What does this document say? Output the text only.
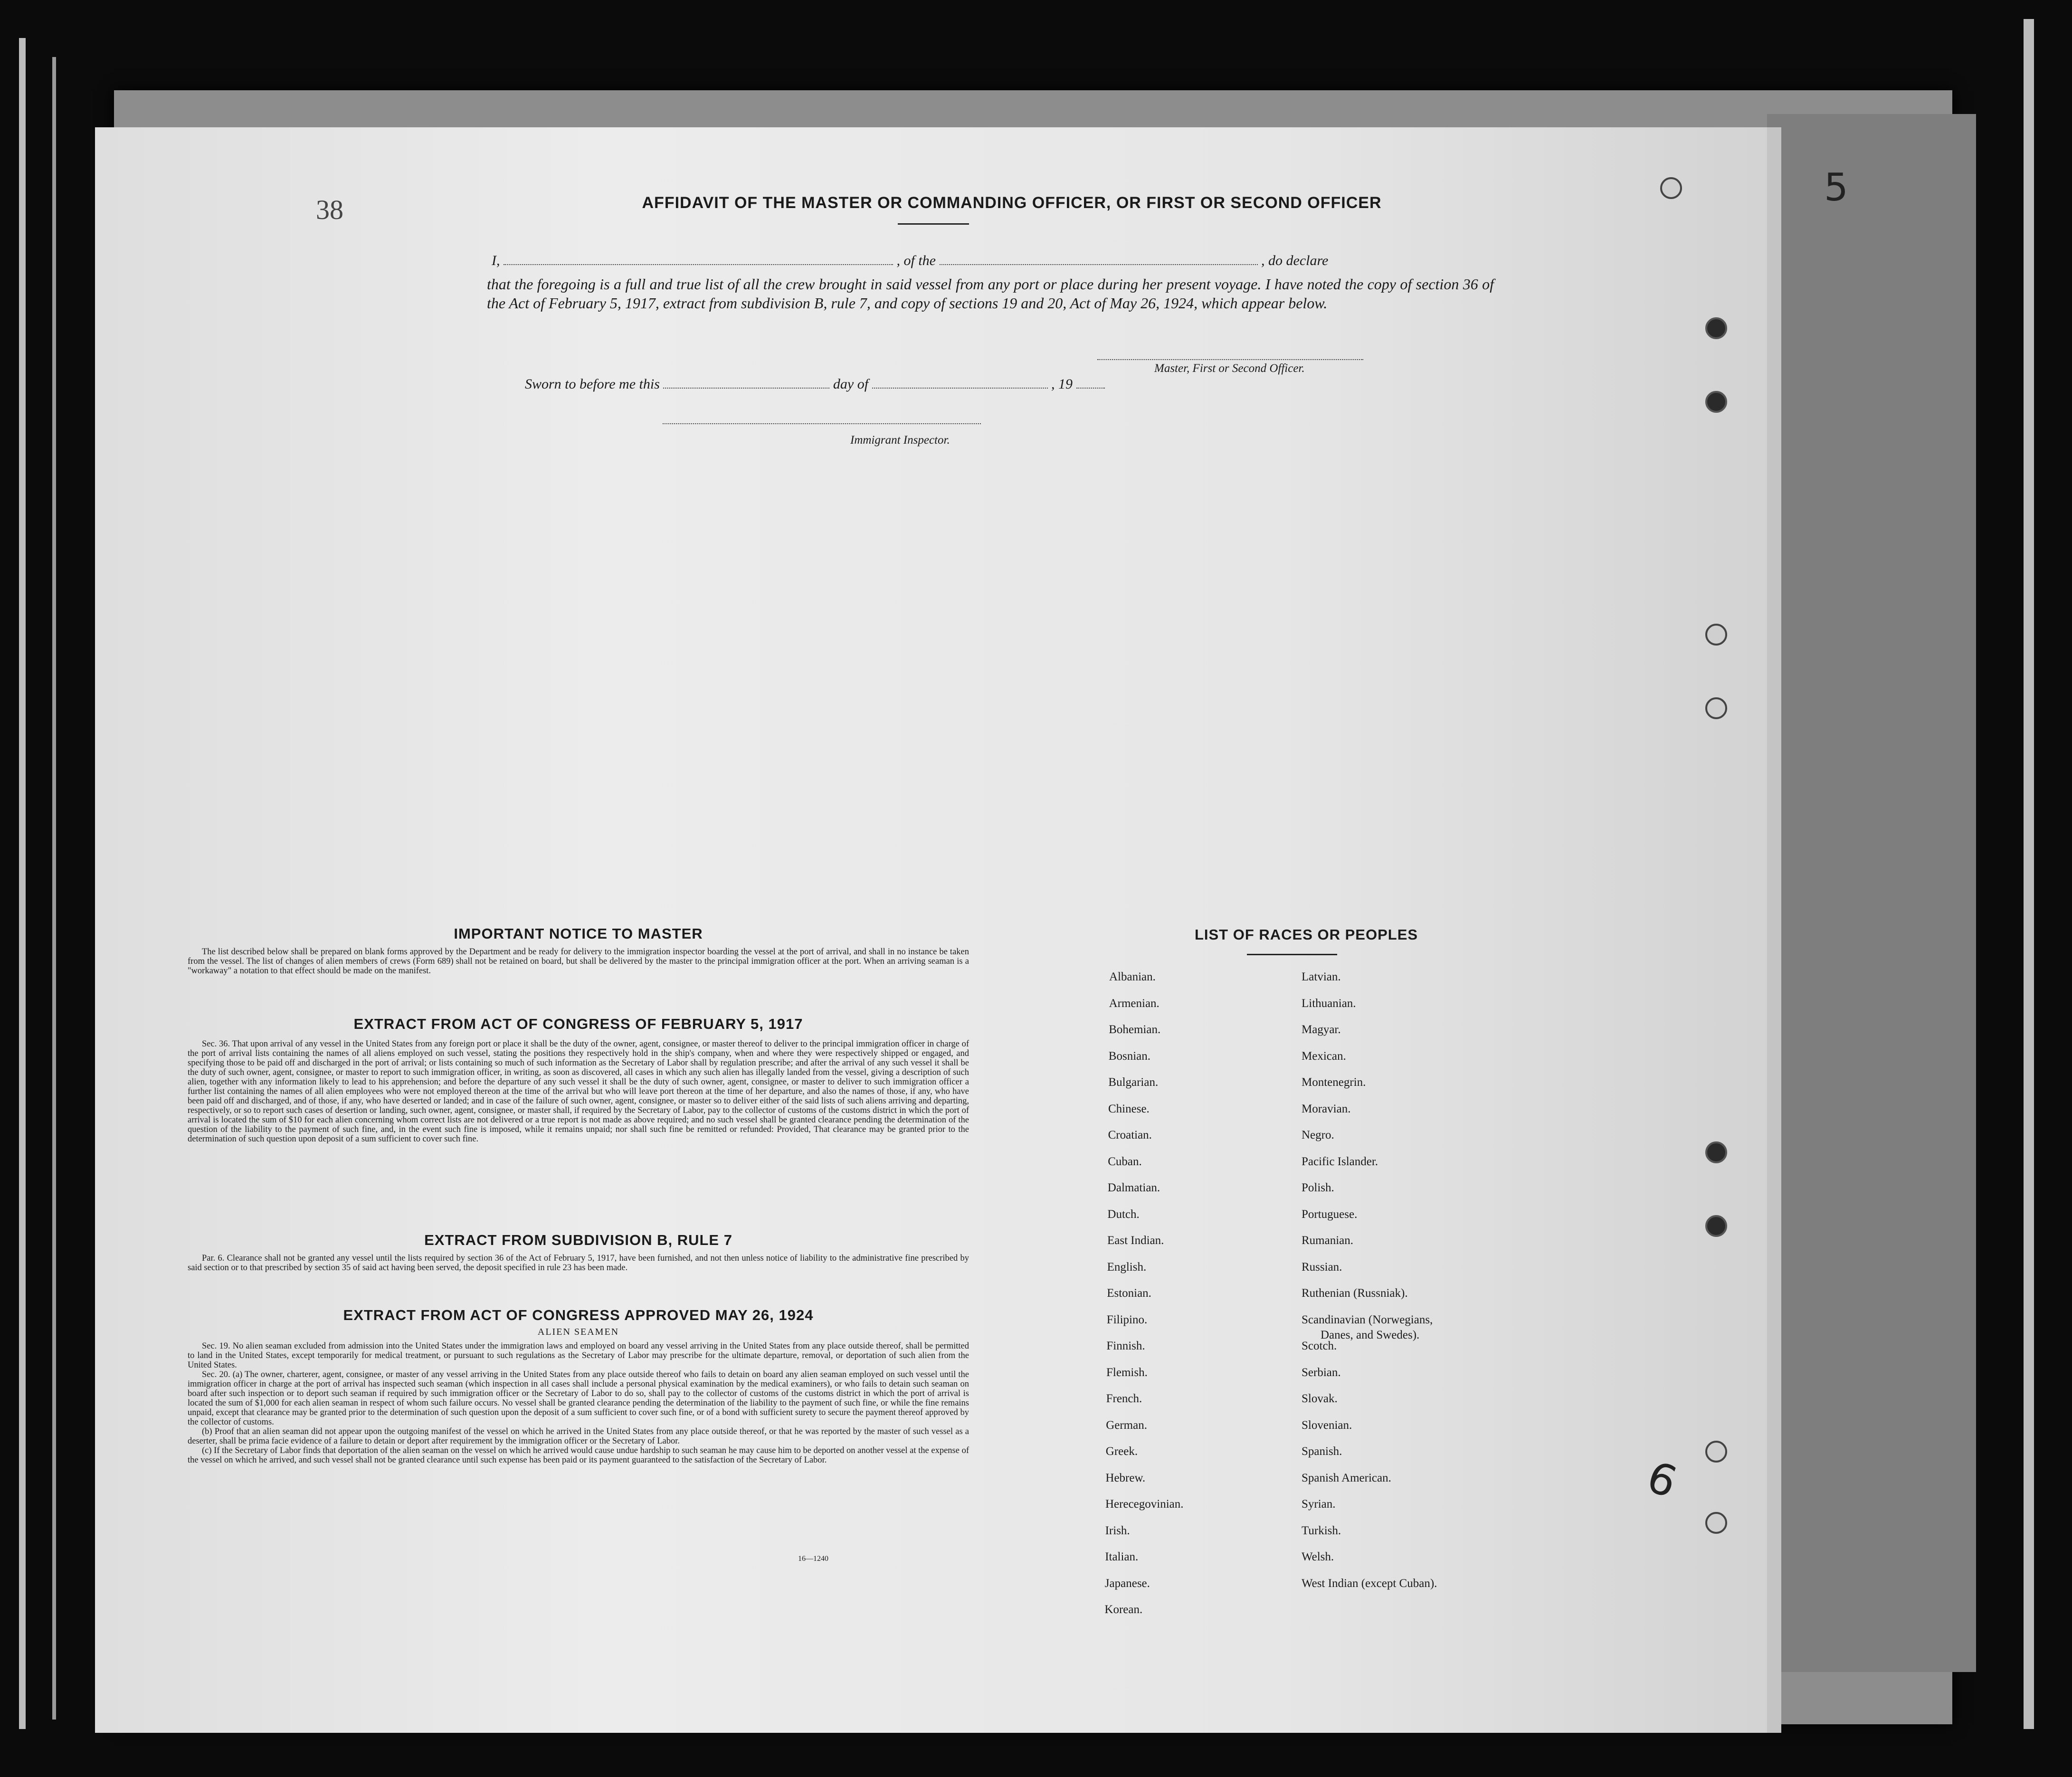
38
5
6
AFFIDAVIT OF THE MASTER OR COMMANDING OFFICER, OR FIRST OR SECOND OFFICER
I,	, of the	, do declare
that the foregoing is a full and true list of all the crew brought in said vessel from any port or place during her present voyage. I have noted the copy of section 36 of the Act of February 5, 1917, extract from subdivision B, rule 7, and copy of sections 19 and 20, Act of May 26, 1924, which appear below.
Master, First or Second Officer.
Sworn to before me this	day of	, 19
Immigrant Inspector.

IMPORTANT NOTICE TO MASTER

The list described below shall be prepared on blank forms approved by the Department and be ready for delivery to the immigration inspector boarding the vessel at the port of arrival, and shall in no instance be taken from the vessel. The list of changes of alien members of crews (Form 689) shall not be retained on board, but shall be delivered by the master to the principal immigration officer at the port. When an arriving seaman is a "workaway" a notation to that effect should be made on the manifest.

EXTRACT FROM ACT OF CONGRESS OF FEBRUARY 5, 1917

Sec. 36. That upon arrival of any vessel in the United States from any foreign port or place it shall be the duty of the owner, agent, consignee, or master thereof to deliver to the principal immigration officer in charge of the port of arrival lists containing the names of all aliens employed on such vessel, stating the positions they respectively hold in the ship's company, when and where they were respectively shipped or engaged, and specifying those to be paid off and discharged in the port of arrival; or lists containing so much of such information as the Secretary of Labor shall by regulation prescribe; and after the arrival of any such vessel it shall be the duty of such owner, agent, consignee, or master to report to such immigration officer, in writing, as soon as discovered, all cases in which any such alien has illegally landed from the vessel, giving a description of such alien, together with any information likely to lead to his apprehension; and before the departure of any such vessel it shall be the duty of such owner, agent, consignee, or master to deliver to such immigration officer a further list containing the names of all alien employees who were not employed thereon at the time of the arrival but who will leave port thereon at the time of her departure, and also the names of those, if any, who have been paid off and discharged, and of those, if any, who have deserted or landed; and in case of the failure of such owner, agent, consignee, or master so to deliver either of the said lists of such aliens arriving and departing, respectively, or so to report such cases of desertion or landing, such owner, agent, consignee, or master shall, if required by the Secretary of Labor, pay to the collector of customs of the customs district in which the port of arrival is located the sum of $10 for each alien concerning whom correct lists are not delivered or a true report is not made as above required; and no such vessel shall be granted clearance pending the determination of the question of the liability to the payment of such fine, and, in the event such fine is imposed, while it remains unpaid; nor shall such fine be remitted or refunded: Provided, That clearance may be granted prior to the determination of such question upon deposit of a sum sufficient to cover such fine.

EXTRACT FROM SUBDIVISION B, RULE 7

Par. 6. Clearance shall not be granted any vessel until the lists required by section 36 of the Act of February 5, 1917, have been furnished, and not then unless notice of liability to the administrative fine prescribed by said section or to that prescribed by section 35 of said act having been served, the deposit specified in rule 23 has been made.

EXTRACT FROM ACT OF CONGRESS APPROVED MAY 26, 1924

ALIEN SEAMEN

Sec. 19. No alien seaman excluded from admission into the United States under the immigration laws and employed on board any vessel arriving in the United States from any place outside thereof, shall be permitted to land in the United States, except temporarily for medical treatment, or pursuant to such regulations as the Secretary of Labor may prescribe for the ultimate departure, removal, or deportation of such alien from the United States.

Sec. 20. (a) The owner, charterer, agent, consignee, or master of any vessel arriving in the United States from any place outside thereof who fails to detain on board any alien seaman employed on such vessel until the immigration officer in charge at the port of arrival has inspected such seaman (which inspection in all cases shall include a personal physical examination by the medical examiners), or who fails to detain such seaman on board after such inspection or to deport such seaman if required by such immigration officer or the Secretary of Labor to do so, shall pay to the collector of customs of the customs district in which the port of arrival is located the sum of $1,000 for each alien seaman in respect of whom such failure occurs. No vessel shall be granted clearance pending the determination of the liability to the payment of such fine, or while the fine remains unpaid, except that clearance may be granted prior to the determination of such question upon the deposit of a sum sufficient to cover such fine, or of a bond with sufficient surety to secure the payment thereof approved by the collector of customs.

(b) Proof that an alien seaman did not appear upon the outgoing manifest of the vessel on which he arrived in the United States from any place outside thereof, or that he was reported by the master of such vessel as a deserter, shall be prima facie evidence of a failure to detain or deport after requirement by the immigration officer or the Secretary of Labor.

(c) If the Secretary of Labor finds that deportation of the alien seaman on the vessel on which he arrived would cause undue hardship to such seaman he may cause him to be deported on another vessel at the expense of the vessel on which he arrived, and such vessel shall not be granted clearance until such expense has been paid or its payment guaranteed to the satisfaction of the Secretary of Labor.

16—1240
LIST OF RACES OR PEOPLES
Albanian.
Armenian.
Bohemian.
Bosnian.
Bulgarian.
Chinese.
Croatian.
Cuban.
Dalmatian.
Dutch.
East Indian.
English.
Estonian.
Filipino.
Finnish.
Flemish.
French.
German.
Greek.
Hebrew.
Herecegovinian.
Irish.
Italian.
Japanese.
Korean.
Latvian.
Lithuanian.
Magyar.
Mexican.
Montenegrin.
Moravian.
Negro.
Pacific Islander.
Polish.
Portuguese.
Rumanian.
Russian.
Ruthenian (Russniak).
Scandinavian (Norwegians,
Danes, and Swedes).
Scotch.
Serbian.
Slovak.
Slovenian.
Spanish.
Spanish American.
Syrian.
Turkish.
Welsh.
West Indian (except Cuban).
